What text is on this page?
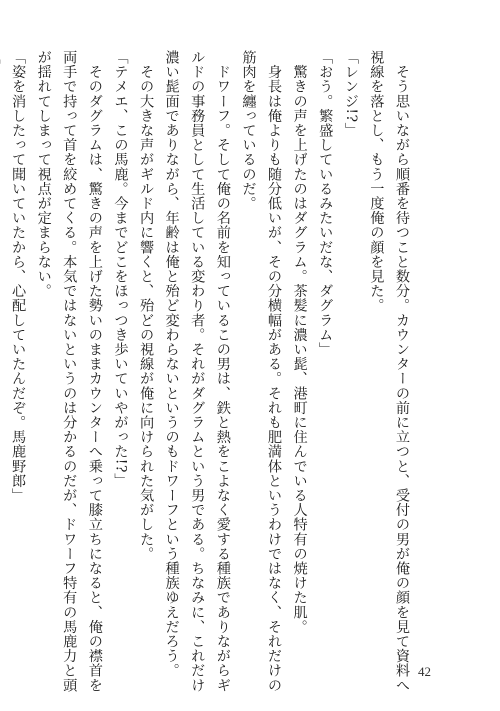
　そう思いながら順番を待つこと数分。カウンターの前に立つと、受付の男が俺の顔を見て資料へ
視線を落とし、もう一度俺の顔を見た。
「レンジ!?」
「おう。繁盛しているみたいだな、ダグラム」
　驚きの声を上げたのはダグラム。茶髪に濃い髭、港町に住んでいる人特有の焼けた肌。
　身長は俺よりも随分低いが、その分横幅がある。それも肥満体というわけではなく、それだけの
筋肉を纏っているのだ。
　ドワーフ。そして俺の名前を知っているこの男は、鉄と熱をこよなく愛する種族でありながらギ
ルドの事務員として生活している変わり者。それがダグラムという男である。ちなみに、これだけ
濃い髭面でありながら、年齢は俺と殆ど変わらないというのもドワーフという種族ゆえだろう。
　その大きな声がギルド内に響くと、殆どの視線が俺に向けられた気がした。
「テメエ、この馬鹿。今までどこをほっつき歩いていやがった!?」
　そのダグラムは、驚きの声を上げた勢いのままカウンターへ乗って膝立ちになると、俺の襟首を
両手で持って首を絞めてくる。本気ではないというのは分かるのだが、ドワーフ特有の馬鹿力と頭
が揺れてしまって視点が定まらない。
「姿を消したって聞いていたから、心配していたんだぞ。馬鹿野郎」
42
